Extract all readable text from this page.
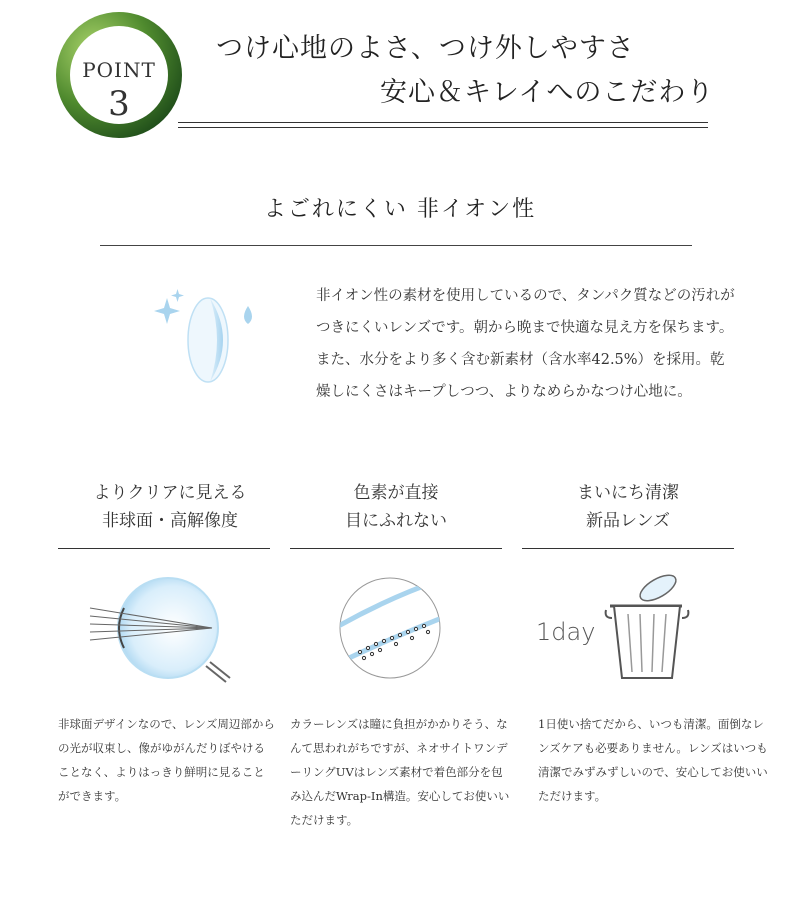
POINT
3
つけ心地のよさ、つけ外しやすさ
安心＆キレイへのこだわり
よごれにくい 非イオン性
非イオン性の素材を使用しているので、タンパク質などの汚れがつきにくいレンズです。朝から晩まで快適な見え方を保ちます。また、水分をより多く含む新素材（含水率42.5%）を採用。乾燥しにくさはキープしつつ、よりなめらかなつけ心地に。
よりクリアに見える
非球面・高解像度
色素が直接
目にふれない
まいにち清潔
新品レンズ
1day
非球面デザインなので、レンズ周辺部からの光が収束し、像がゆがんだりぼやけることなく、よりはっきり鮮明に見ることができます。
カラーレンズは瞳に負担がかかりそう、なんて思われがちですが、ネオサイトワンデーリングUVはレンズ素材で着色部分を包み込んだWrap-In構造。安心してお使いいただけます。
1日使い捨てだから、いつも清潔。面倒なレンズケアも必要ありません。レンズはいつも清潔でみずみずしいので、安心してお使いいただけます。
